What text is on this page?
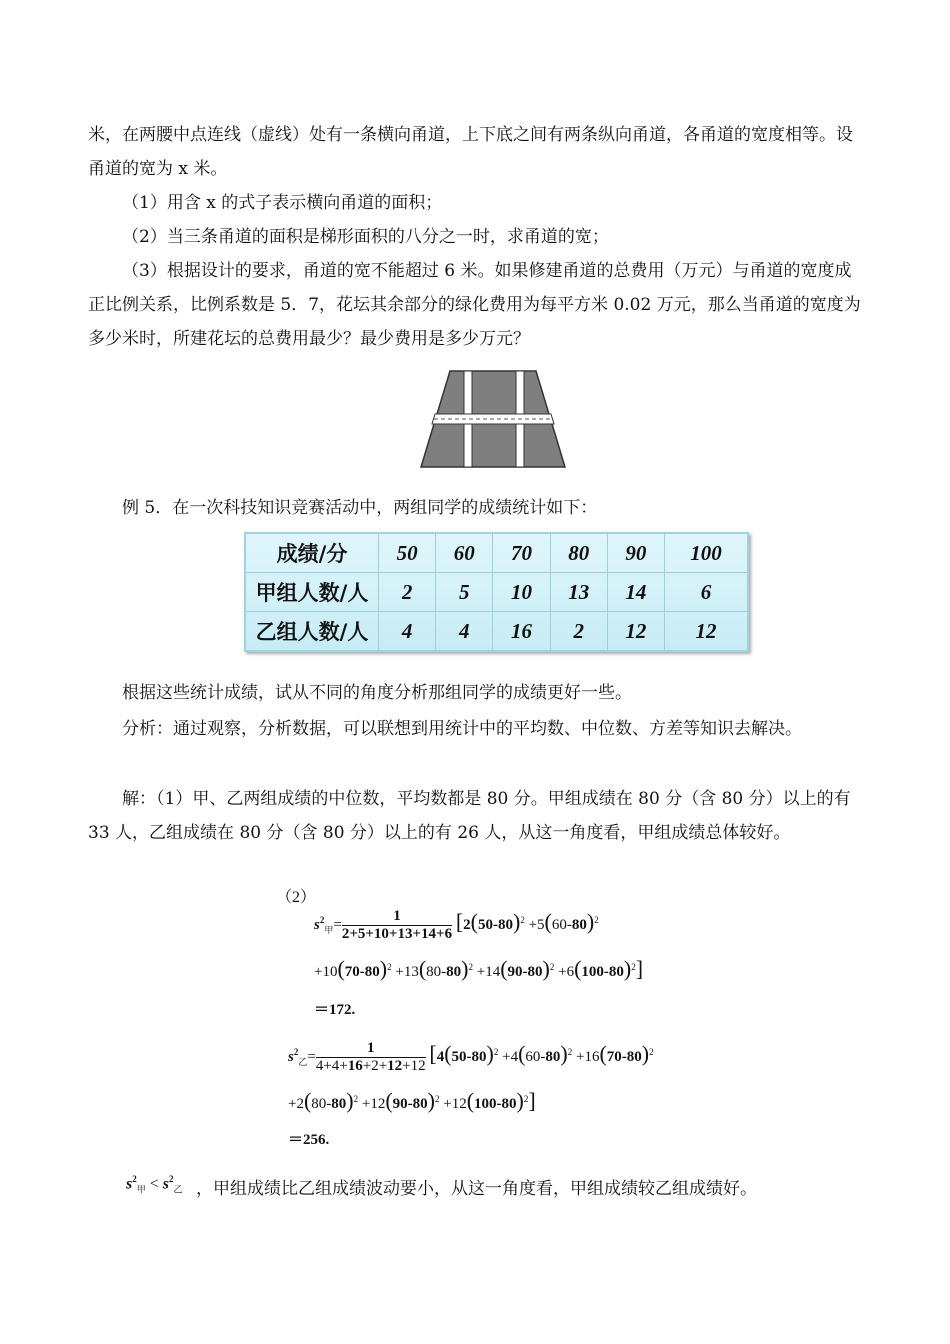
米，在两腰中点连线（虚线）处有一条横向甬道，上下底之间有两条纵向甬道，各甬道的宽度相等。设甬道的宽为 x 米。

（1）用含 x 的式子表示横向甬道的面积；

（2）当三条甬道的面积是梯形面积的八分之一时，求甬道的宽；

（3）根据设计的要求，甬道的宽不能超过 6 米。如果修建甬道的总费用（万元）与甬道的宽度成正比例关系，比例系数是 5．7，花坛其余部分的绿化费用为每平方米 0.02 万元，那么当甬道的宽度为多少米时，所建花坛的总费用最少？最少费用是多少万元？

例 5．在一次科技知识竞赛活动中，两组同学的成绩统计如下：

成绩/分	50	60	70	80	90	100
甲组人数/人	2	5	10	13	14	6
乙组人数/人	4	4	16	2	12	12

根据这些统计成绩，试从不同的角度分析那组同学的成绩更好一些。

分析：通过观察，分析数据，可以联想到用统计中的平均数、中位数、方差等知识去解决。

解：（1）甲、乙两组成绩的中位数，平均数都是 80 分。甲组成绩在 80 分（含 80 分）以上的有 33 人，乙组成绩在 80 分（含 80 分）以上的有 26 人，从这一角度看，甲组成绩总体较好。

（2）
$s^2_甲= \frac{1}{2+5+10+13+14+6} [2(50-80)^2 +5(60-80)^2$
$+10(70-80)^2 +13(80-80)^2 +14(90-80)^2 +6(100-80)^2$]
＝172.
$s^2_乙= \frac{1}{4+4+16+2+12+12} [4(50-80)^2 +4(60-80)^2 +16(70-80)^2$
$+2(80-80)^2 +12(90-80)^2 +12(100-80)^2$]
＝256.
$s^2_甲 < s^2_乙$ ，甲组成绩比乙组成绩波动要小，从这一角度看，甲组成绩较乙组成绩好。
